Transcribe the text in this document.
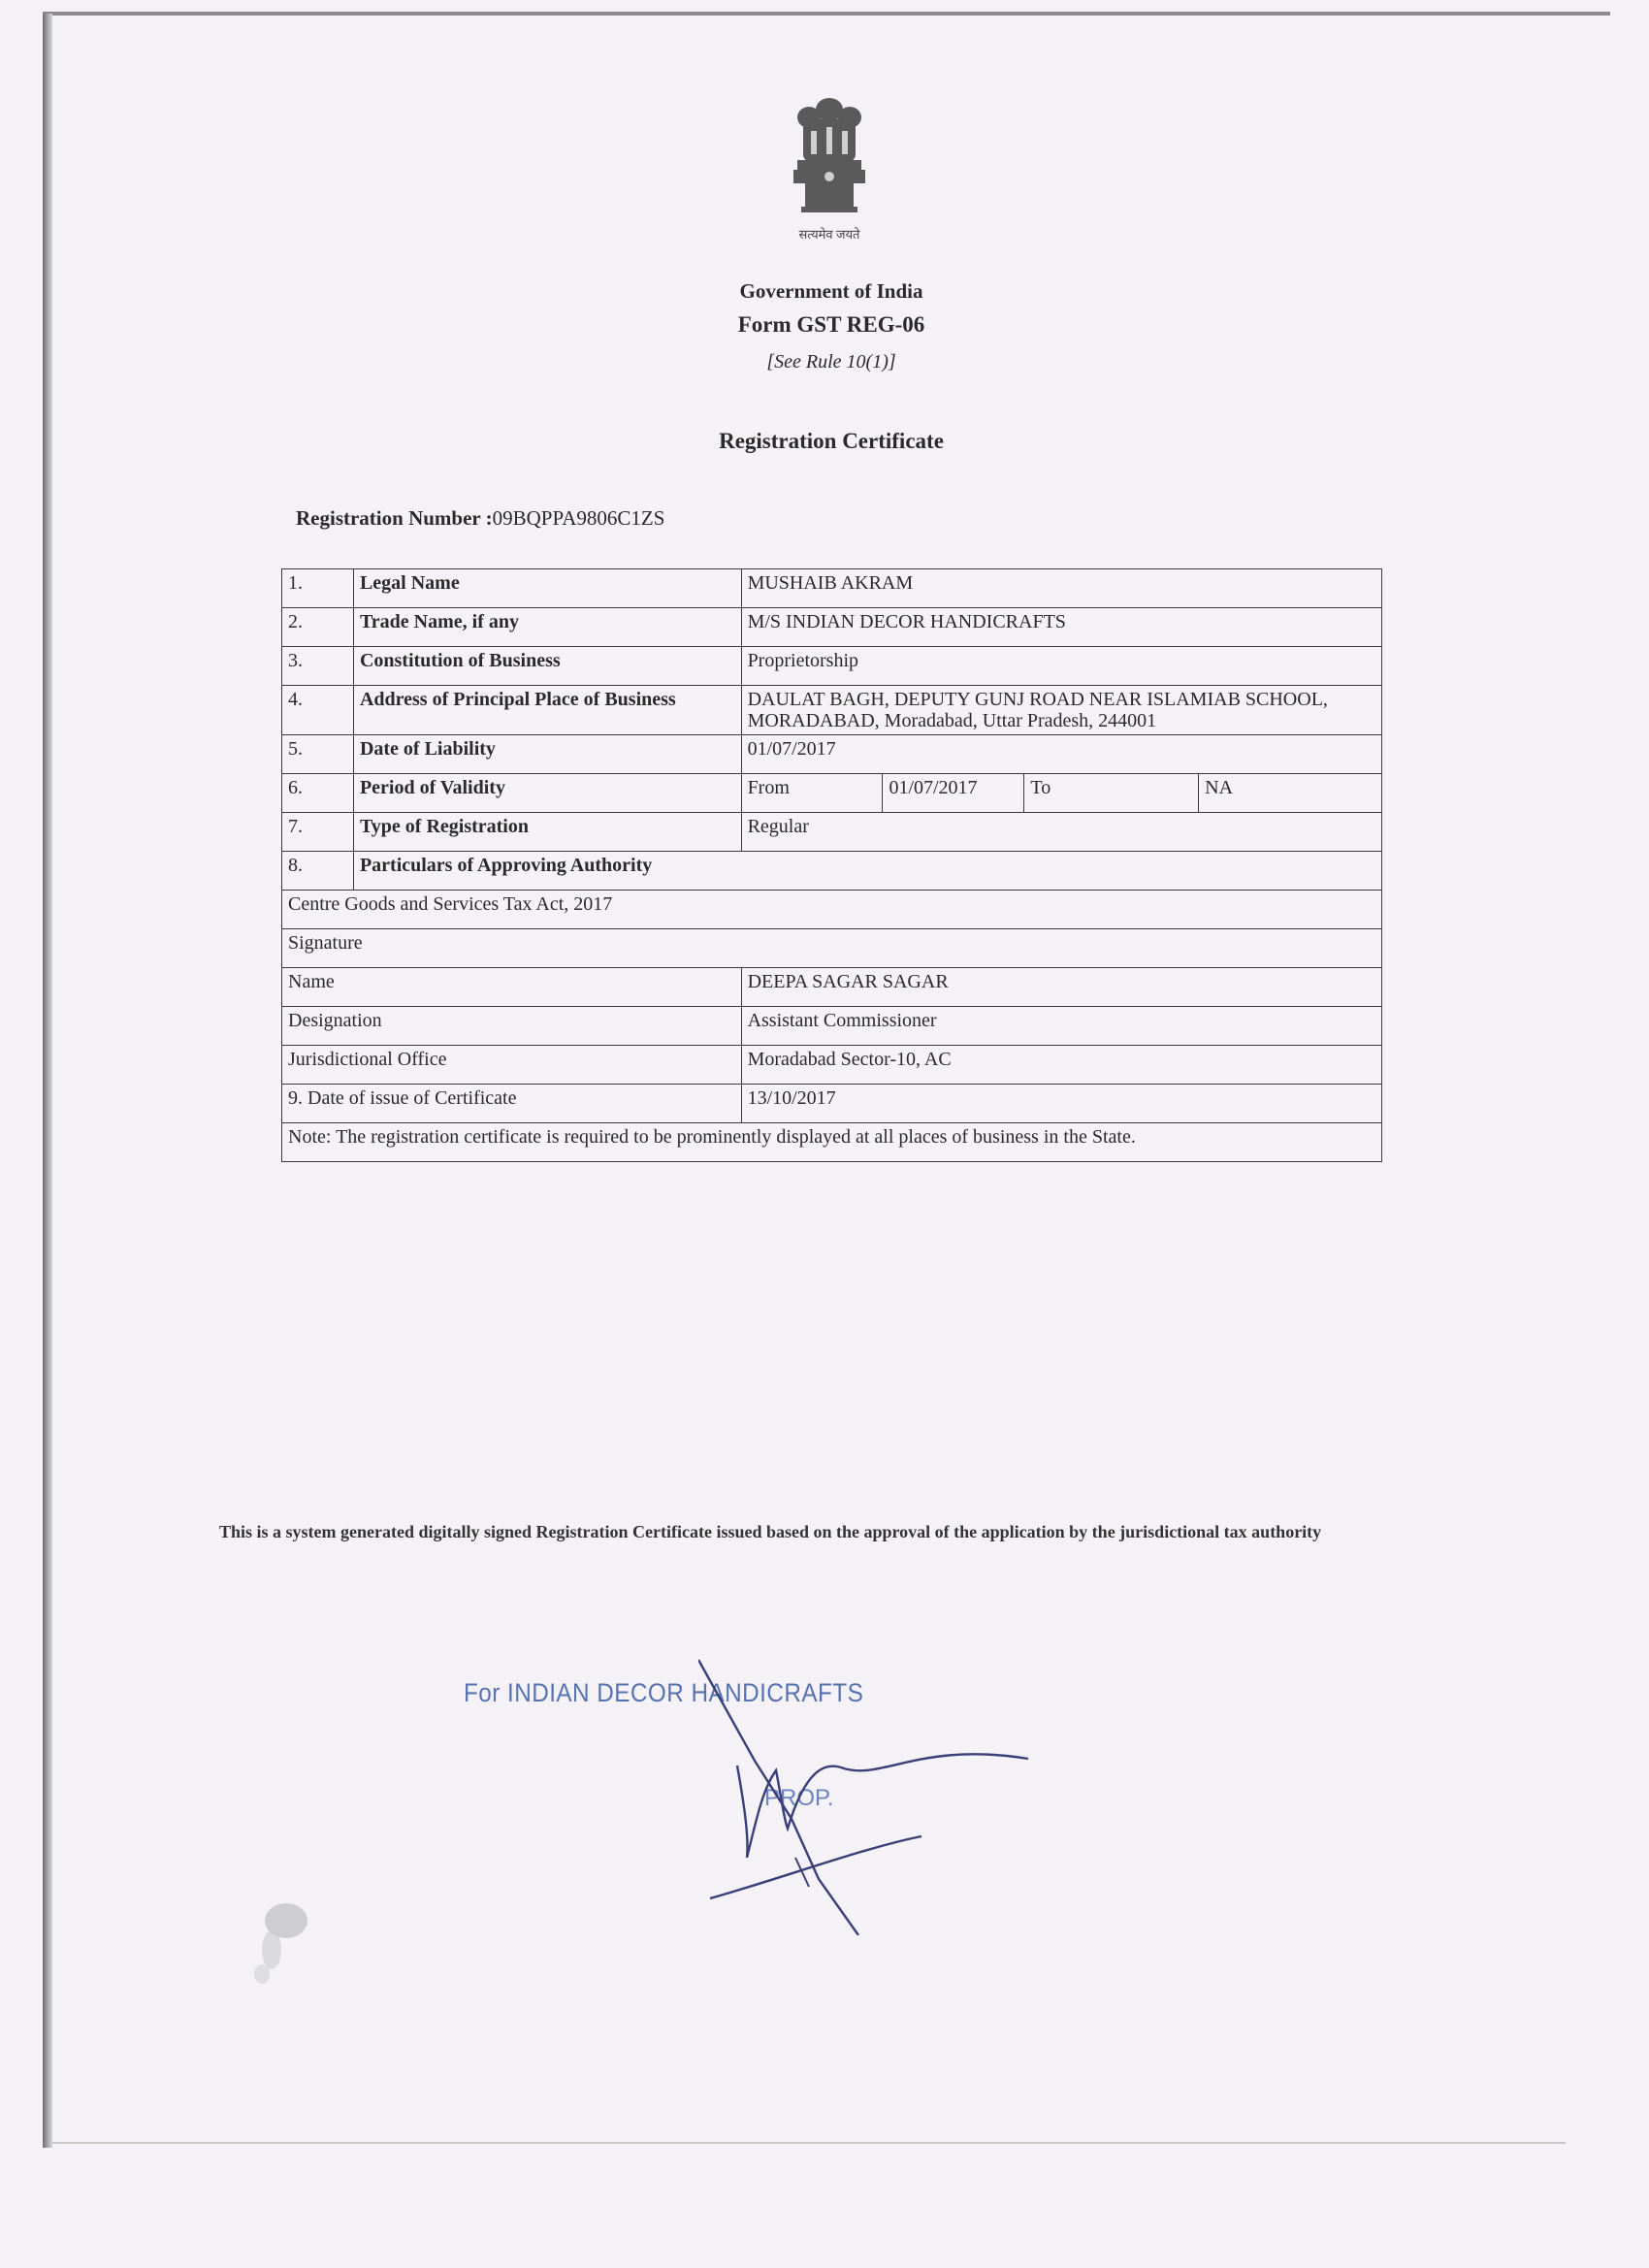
सत्यमेव जयते
Government of India
Form GST REG-06
[See Rule 10(1)]
Registration Certificate
Registration Number :09BQPPA9806C1ZS
1.	Legal Name	MUSHAIB AKRAM			
2.	Trade Name, if any	M/S INDIAN DECOR HANDICRAFTS			
3.	Constitution of Business	Proprietorship			
4.	Address of Principal Place of Business	DAULAT BAGH, DEPUTY GUNJ ROAD NEAR ISLAMIAB SCHOOL, MORADABAD, Moradabad, Uttar Pradesh, 244001			
5.	Date of Liability	01/07/2017			
6.	Period of Validity	From	01/07/2017	To	NA
7.	Type of Registration	Regular			
8.	Particulars of Approving Authority				
Centre Goods and Services Tax Act, 2017					
Signature					
Name		DEEPA SAGAR SAGAR			
Designation		Assistant Commissioner			
Jurisdictional Office		Moradabad Sector-10, AC			
9. Date of issue of Certificate		13/10/2017			
Note: The registration certificate is required to be prominently displayed at all places of business in the State.					
This is a system generated digitally signed Registration Certificate issued based on the approval of the application by the jurisdictional tax authority
For INDIAN DECOR HANDICRAFTS
PROP.
